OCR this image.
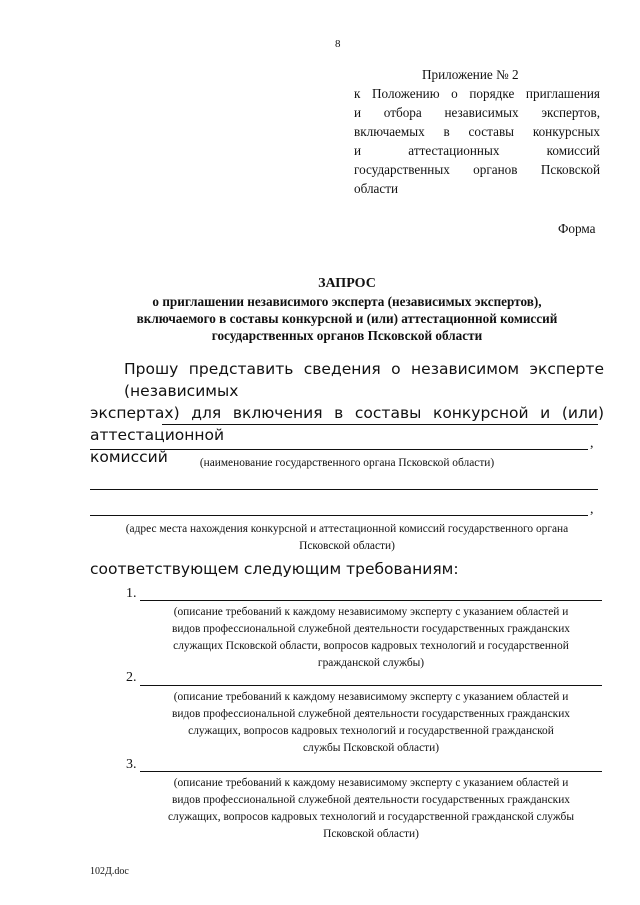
8
Приложение № 2
к Положению о порядке приглашения
и отбора независимых экспертов,
включаемых в составы конкурсных
и аттестационных комиссий
государственных органов Псковской
области
Форма
ЗАПРОС
о приглашении независимого эксперта (независимых экспертов),
включаемого в составы конкурсной и (или) аттестационной комиссий
государственных органов Псковской области
Прошу представить сведения о независимом эксперте (независимых
экспертах) для включения в составы конкурсной и (или) аттестационной
комиссий
,
(наименование государственного органа Псковской области)
,
(адрес места нахождения конкурсной и аттестационной комиссий государственного органа
Псковской области)
соответствующем следующим требованиям:
1.
(описание требований к каждому независимому эксперту с указанием областей и
видов профессиональной служебной деятельности государственных гражданских
служащих Псковской области, вопросов кадровых технологий и государственной
гражданской службы)
2.
(описание требований к каждому независимому эксперту с указанием областей и
видов профессиональной служебной деятельности государственных гражданских
служащих, вопросов кадровых технологий и государственной гражданской
службы Псковской области)
3.
(описание требований к каждому независимому эксперту с указанием областей и
видов профессиональной служебной деятельности государственных гражданских
служащих, вопросов кадровых технологий и государственной гражданской службы
Псковской области)
102Д.doc
